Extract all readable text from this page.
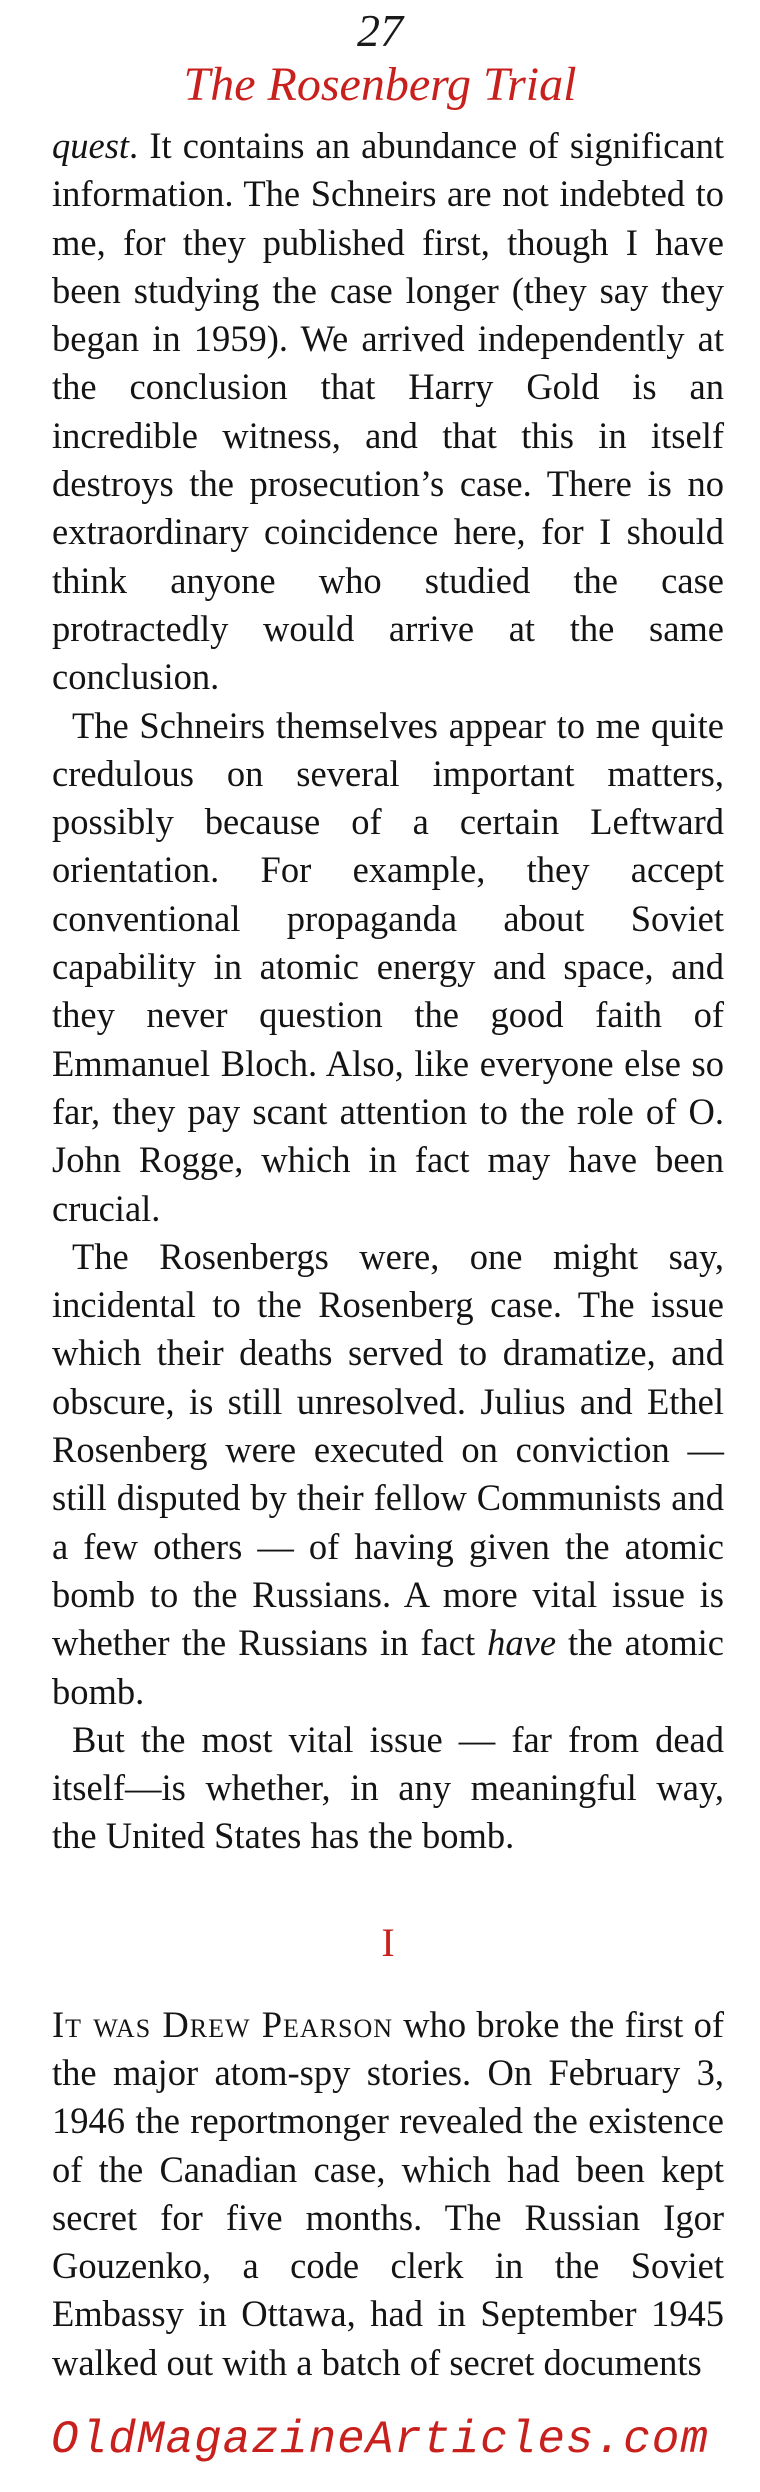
27
The Rosenberg Trial

quest. It contains an abundance of significant information. The Schneirs are not indebted to me, for they published first, though I have been studying the case longer (they say they began in 1959). We arrived independently at the conclusion that Harry Gold is an incredible witness, and that this in itself destroys the prosecution’s case. There is no extraordinary coincidence here, for I should think anyone who studied the case protractedly would arrive at the same conclusion.

The Schneirs themselves appear to me quite credulous on several important matters, possibly because of a certain Leftward orientation. For example, they accept conventional propaganda about Soviet capability in atomic energy and space, and they never question the good faith of Emmanuel Bloch. Also, like everyone else so far, they pay scant attention to the role of O. John Rogge, which in fact may have been crucial.

The Rosenbergs were, one might say, incidental to the Rosenberg case. The issue which their deaths served to dramatize, and obscure, is still unresolved. Julius and Ethel Rosenberg were executed on conviction — still disputed by their fellow Communists and a few others — of having given the atomic bomb to the Russians. A more vital issue is whether the Russians in fact have the atomic bomb.

But the most vital issue — far from dead itself—is whether, in any meaningful way, the United States has the bomb.

I

It was Drew Pearson who broke the first of the major atom-spy stories. On February 3, 1946 the reportmonger revealed the existence of the Canadian case, which had been kept secret for five months. The Russian Igor Gouzenko, a code clerk in the Soviet Embassy in Ottawa, had in September 1945 walked out with a batch of secret documents

OldMagazineArticles.com
